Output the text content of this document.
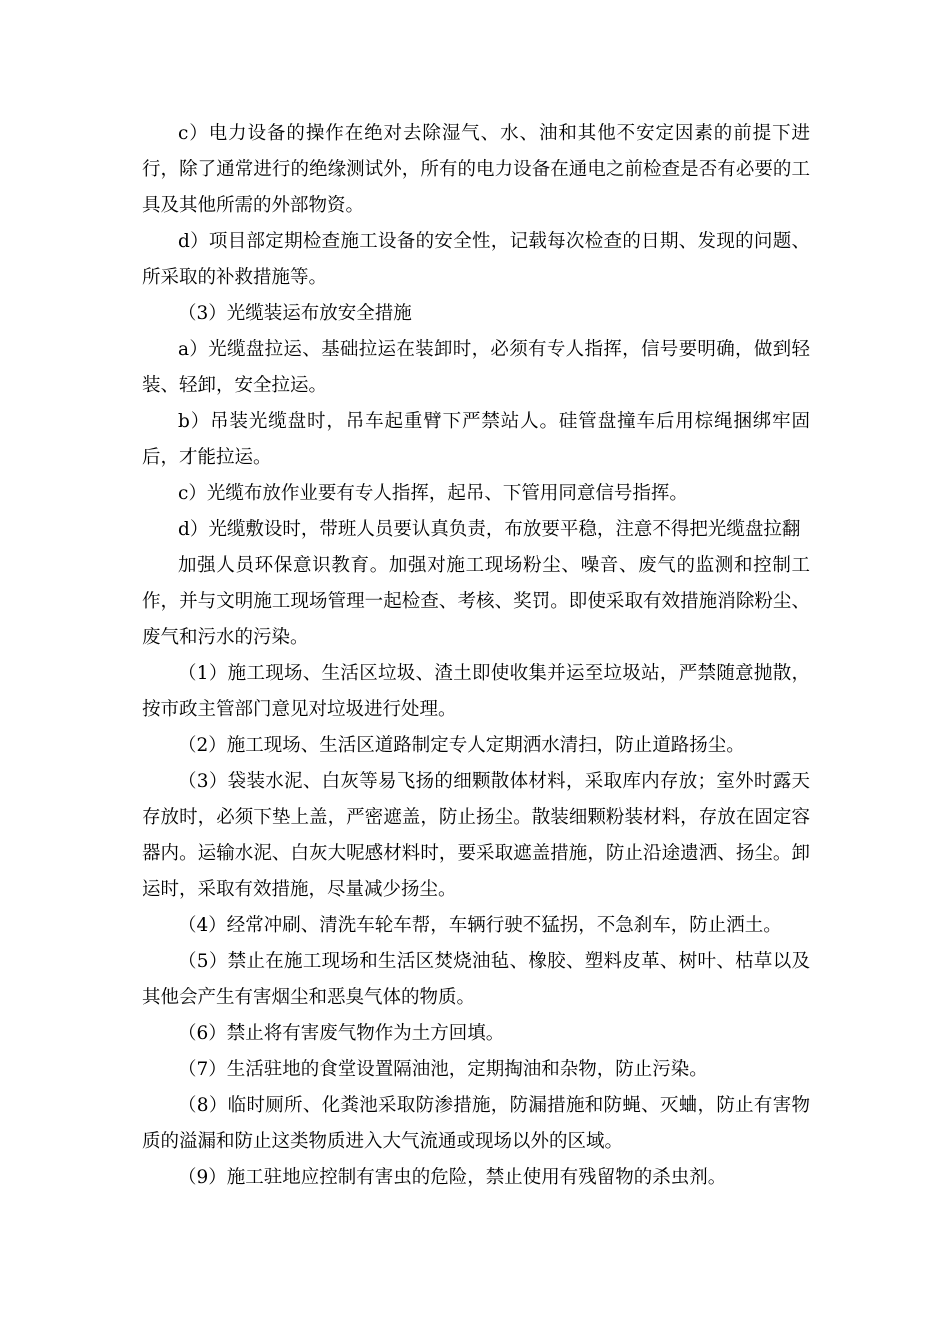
c）电力设备的操作在绝对去除湿气、水、油和其他不安定因素的前提下进行，除了通常进行的绝缘测试外，所有的电力设备在通电之前检查是否有必要的工具及其他所需的外部物资。

d）项目部定期检查施工设备的安全性，记载每次检查的日期、发现的问题、所采取的补救措施等。

（3）光缆装运布放安全措施

a）光缆盘拉运、基础拉运在装卸时，必须有专人指挥，信号要明确，做到轻装、轻卸，安全拉运。

b）吊装光缆盘时，吊车起重臂下严禁站人。硅管盘撞车后用棕绳捆绑牢固后，才能拉运。

c）光缆布放作业要有专人指挥，起吊、下管用同意信号指挥。

d）光缆敷设时，带班人员要认真负责，布放要平稳，注意不得把光缆盘拉翻

加强人员环保意识教育。加强对施工现场粉尘、噪音、废气的监测和控制工作，并与文明施工现场管理一起检查、考核、奖罚。即使采取有效措施消除粉尘、废气和污水的污染。

（1）施工现场、生活区垃圾、渣土即使收集并运至垃圾站，严禁随意抛散，按市政主管部门意见对垃圾进行处理。

（2）施工现场、生活区道路制定专人定期洒水清扫，防止道路扬尘。

（3）袋装水泥、白灰等易飞扬的细颗散体材料，采取库内存放；室外时露天存放时，必须下垫上盖，严密遮盖，防止扬尘。散装细颗粉装材料，存放在固定容器内。运输水泥、白灰大呢感材料时，要采取遮盖措施，防止沿途遗洒、扬尘。卸运时，采取有效措施，尽量减少扬尘。

（4）经常冲刷、清洗车轮车帮，车辆行驶不猛拐，不急刹车，防止洒土。

（5）禁止在施工现场和生活区焚烧油毡、橡胶、塑料皮革、树叶、枯草以及其他会产生有害烟尘和恶臭气体的物质。

（6）禁止将有害废气物作为土方回填。

（7）生活驻地的食堂设置隔油池，定期掏油和杂物，防止污染。

（8）临时厕所、化粪池采取防渗措施，防漏措施和防蝇、灭蛐，防止有害物质的溢漏和防止这类物质进入大气流通或现场以外的区域。

（9）施工驻地应控制有害虫的危险，禁止使用有残留物的杀虫剂。
